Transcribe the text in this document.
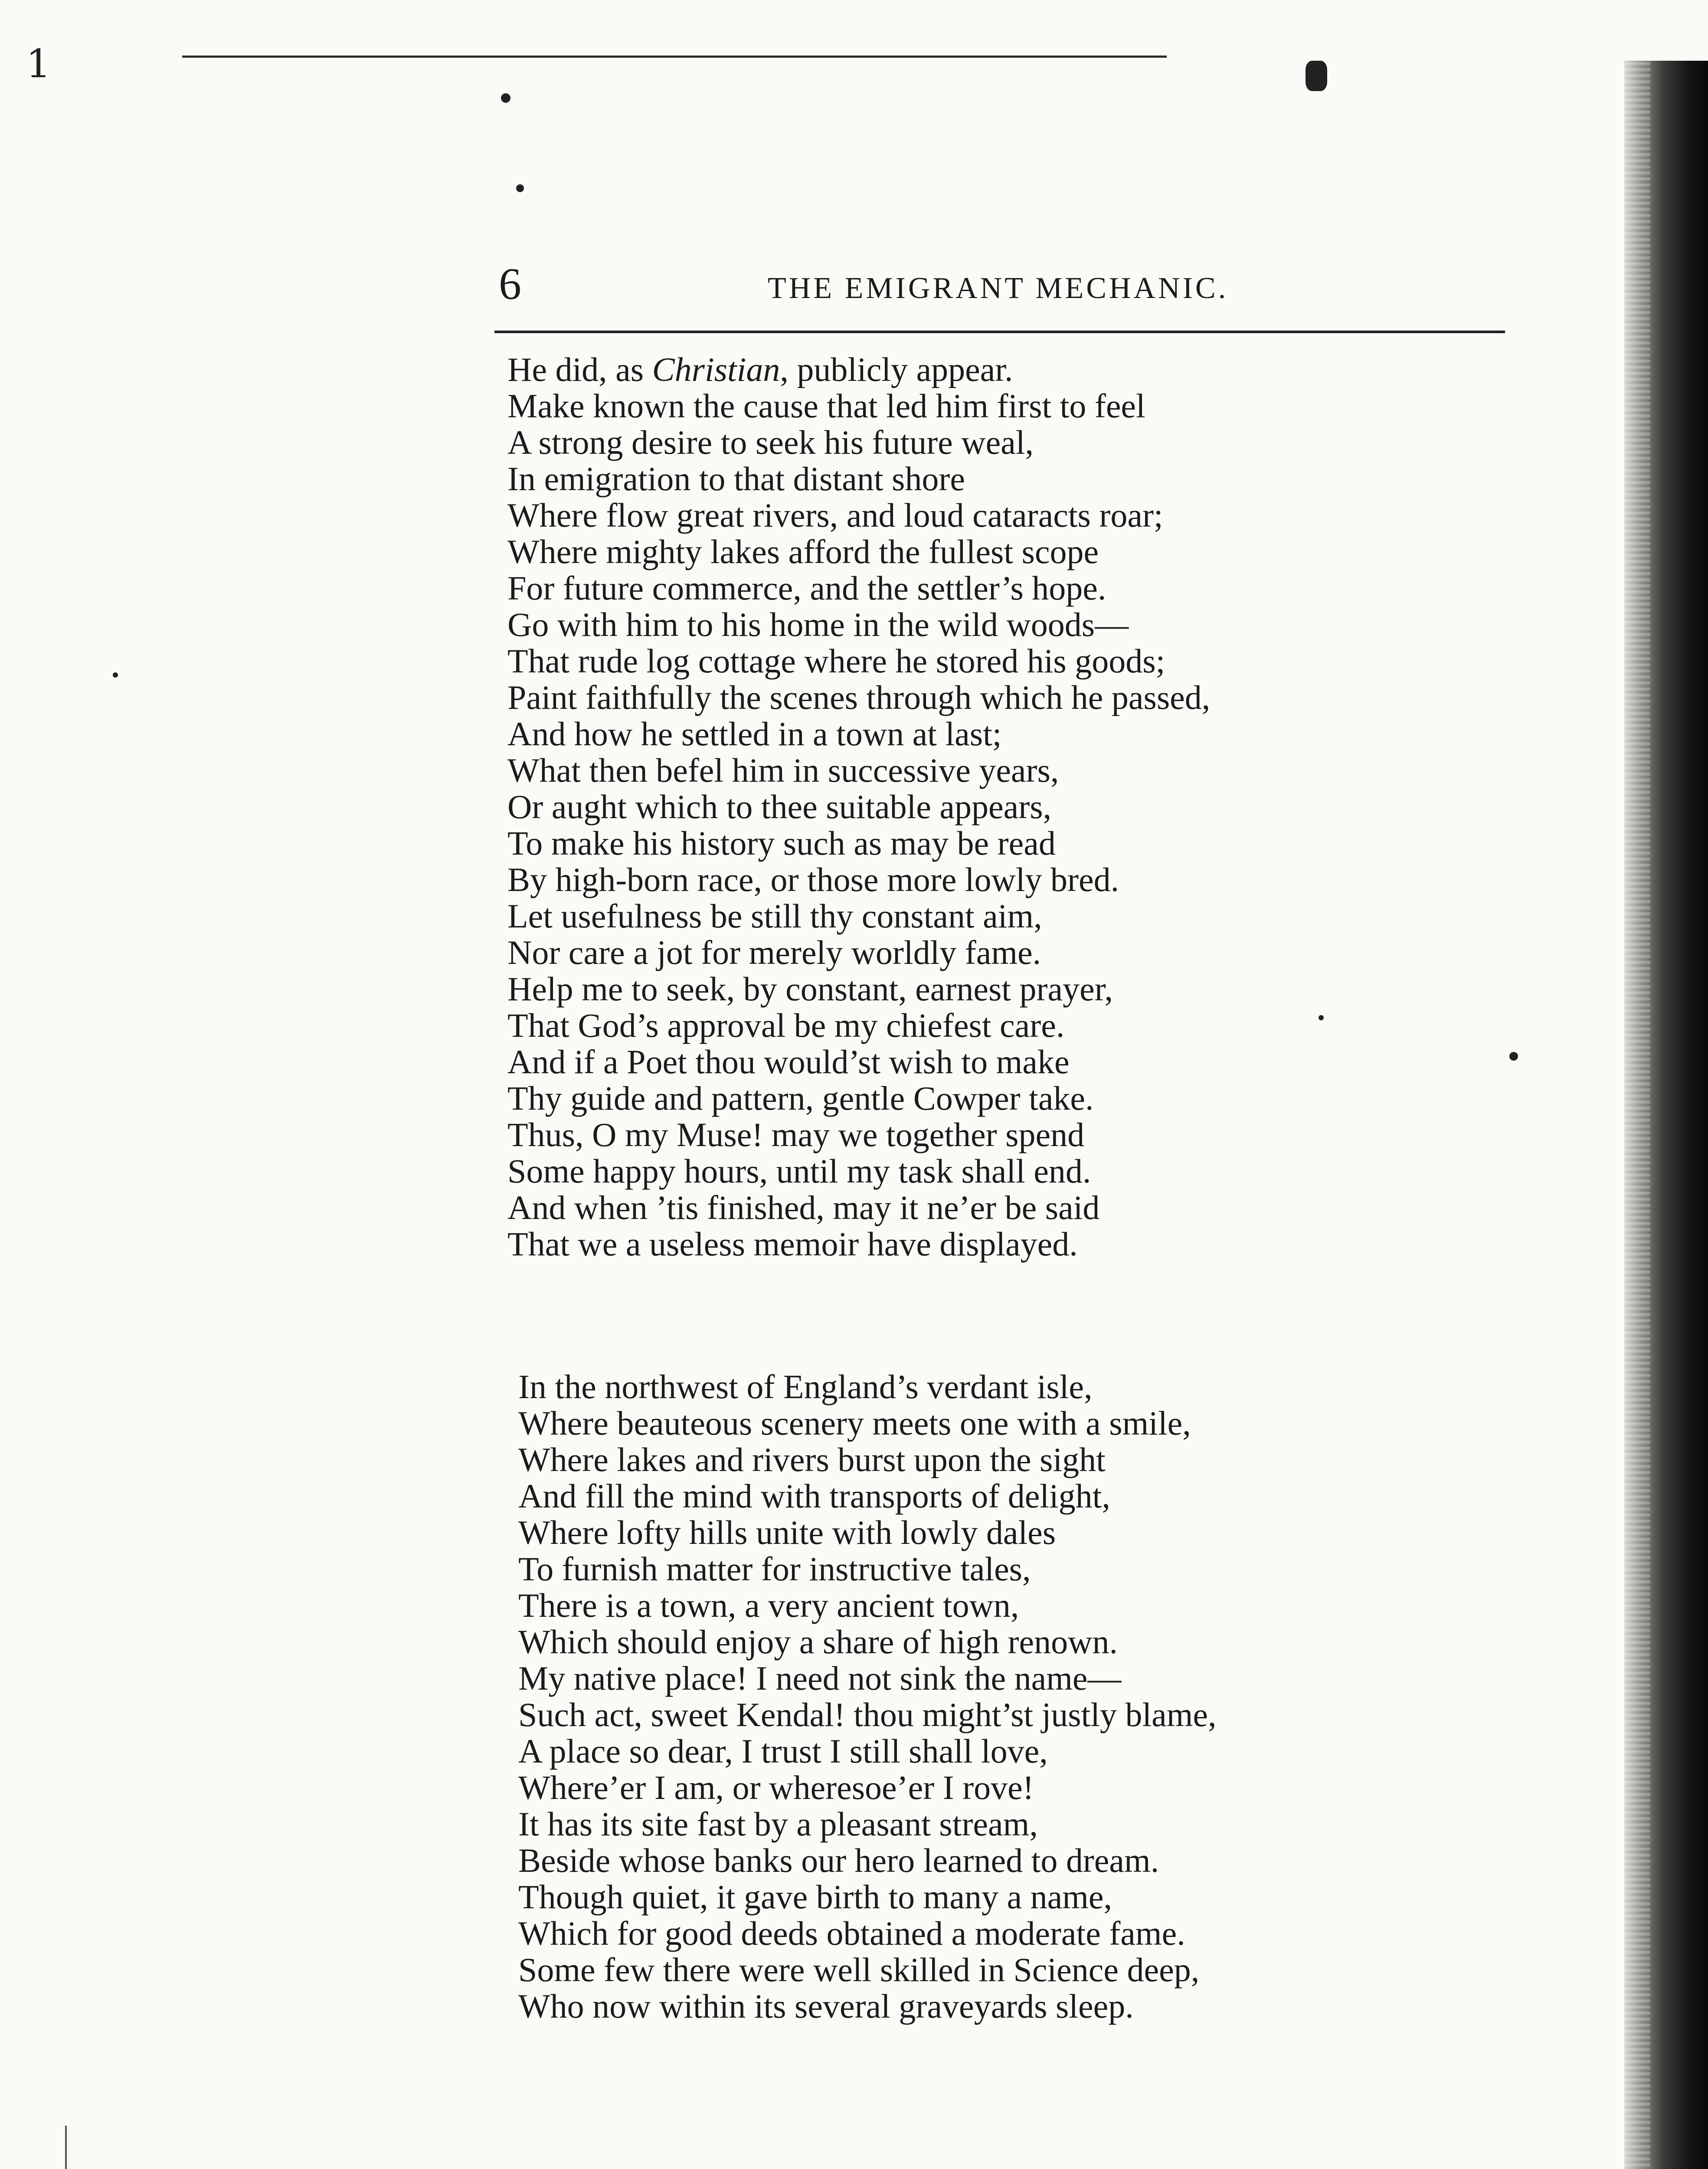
1
6	THE EMIGRANT MECHANIC.
He did, as Christian, publicly appear.
Make known the cause that led him first to feel
A strong desire to seek his future weal,
In emigration to that distant shore
Where flow great rivers, and loud cataracts roar;
Where mighty lakes afford the fullest scope
For future commerce, and the settler’s hope.
Go with him to his home in the wild woods—
That rude log cottage where he stored his goods;
Paint faithfully the scenes through which he passed,
And how he settled in a town at last;
What then befel him in successive years,
Or aught which to thee suitable appears,
To make his history such as may be read
By high-born race, or those more lowly bred.
Let usefulness be still thy constant aim,
Nor care a jot for merely worldly fame.
Help me to seek, by constant, earnest prayer,
That God’s approval be my chiefest care.
And if a Poet thou would’st wish to make
Thy guide and pattern, gentle Cowper take.
Thus, O my Muse! may we together spend
Some happy hours, until my task shall end.
And when ’tis finished, may it ne’er be said
That we a useless memoir have displayed.
In the northwest of England’s verdant isle,
Where beauteous scenery meets one with a smile,
Where lakes and rivers burst upon the sight
And fill the mind with transports of delight,
Where lofty hills unite with lowly dales
To furnish matter for instructive tales,
There is a town, a very ancient town,
Which should enjoy a share of high renown.
My native place! I need not sink the name—
Such act, sweet Kendal! thou might’st justly blame,
A place so dear, I trust I still shall love,
Where’er I am, or wheresoe’er I rove!
It has its site fast by a pleasant stream,
Beside whose banks our hero learned to dream.
Though quiet, it gave birth to many a name,
Which for good deeds obtained a moderate fame.
Some few there were well skilled in Science deep,
Who now within its several graveyards sleep.
